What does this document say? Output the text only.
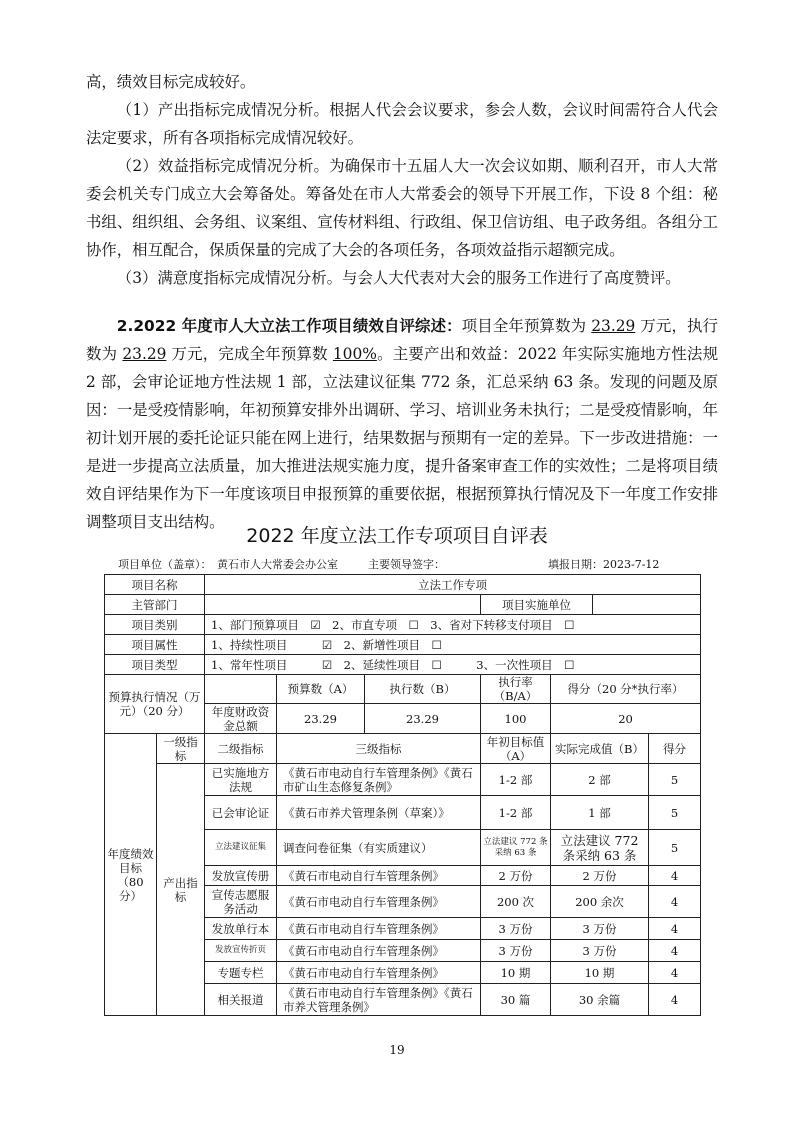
高，绩效目标完成较好。

（1）产出指标完成情况分析。根据人代会会议要求，参会人数，会议时间需符合人代会法定要求，所有各项指标完成情况较好。

（2）效益指标完成情况分析。为确保市十五届人大一次会议如期、顺利召开，市人大常委会机关专门成立大会筹备处。筹备处在市人大常委会的领导下开展工作，下设 8 个组：秘书组、组织组、会务组、议案组、宣传材料组、行政组、保卫信访组、电子政务组。各组分工协作，相互配合，保质保量的完成了大会的各项任务，各项效益指示超额完成。

（3）满意度指标完成情况分析。与会人大代表对大会的服务工作进行了高度赞评。

2.2022 年度市人大立法工作项目绩效自评综述：项目全年预算数为 23.29 万元，执行数为 23.29 万元，完成全年预算数 100%。主要产出和效益：2022 年实际实施地方性法规 2 部，会审论证地方性法规 1 部，立法建议征集 772 条，汇总采纳 63 条。发现的问题及原因：一是受疫情影响，年初预算安排外出调研、学习、培训业务未执行；二是受疫情影响，年初计划开展的委托论证只能在网上进行，结果数据与预期有一定的差异。下一步改进措施：一是进一步提高立法质量，加大推进法规实施力度，提升备案审查工作的实效性；二是将项目绩效自评结果作为下一年度该项目申报预算的重要依据，根据预算执行情况及下一年度工作安排调整项目支出结构。

2022 年度立法工作专项项目自评表
项目单位（盖章）：　黄石市人大常委会办公室	主要领导签字：	填报日期：2023-7-12
项目名称		立法工作专项						
主管部门					项目实施单位			
项目类别		1、部门预算项目　☑　2、市直专项　☐　3、省对下转移支付项目　☐						
项目属性		1、持续性项目　　　☑　2、新增性项目　☐						
项目类型		1、常年性项目　　　☑　2、延续性项目　☐　　　3、一次性项目　☐						
预算执行情况（万元）（20 分）			预算数（A）	执行数（B）	执行率（B/A）	得分（20 分*执行率）		
		年度财政资金总额	23.29	23.29	100	20		
年度绩效目标（80 分）	一级指标	二级指标	三级指标		年初目标值（A）	实际完成值（B）		得分
	产出指标	已实施地方法规	《黄石市电动自行车管理条例》《黄石市矿山生态修复条例》		1-2 部	2 部		5
		已会审论证	《黄石市养犬管理条例（草案）》		1-2 部	1 部		5
		立法建议征集	调查问卷征集（有实质建议）		立法建议 772 条采纳 63 条	立法建议 772 条采纳 63 条		5
		发放宣传册	《黄石市电动自行车管理条例》		2 万份	2 万份		4
		宣传志愿服务活动	《黄石市电动自行车管理条例》		200 次	200 余次		4
		发放单行本	《黄石市电动自行车管理条例》		3 万份	3 万份		4
		发放宣传折页	《黄石市电动自行车管理条例》		3 万份	3 万份		4
		专题专栏	《黄石市电动自行车管理条例》		10 期	10 期		4
		相关报道	《黄石市电动自行车管理条例》《黄石市养犬管理条例》		30 篇	30 余篇		4
19
